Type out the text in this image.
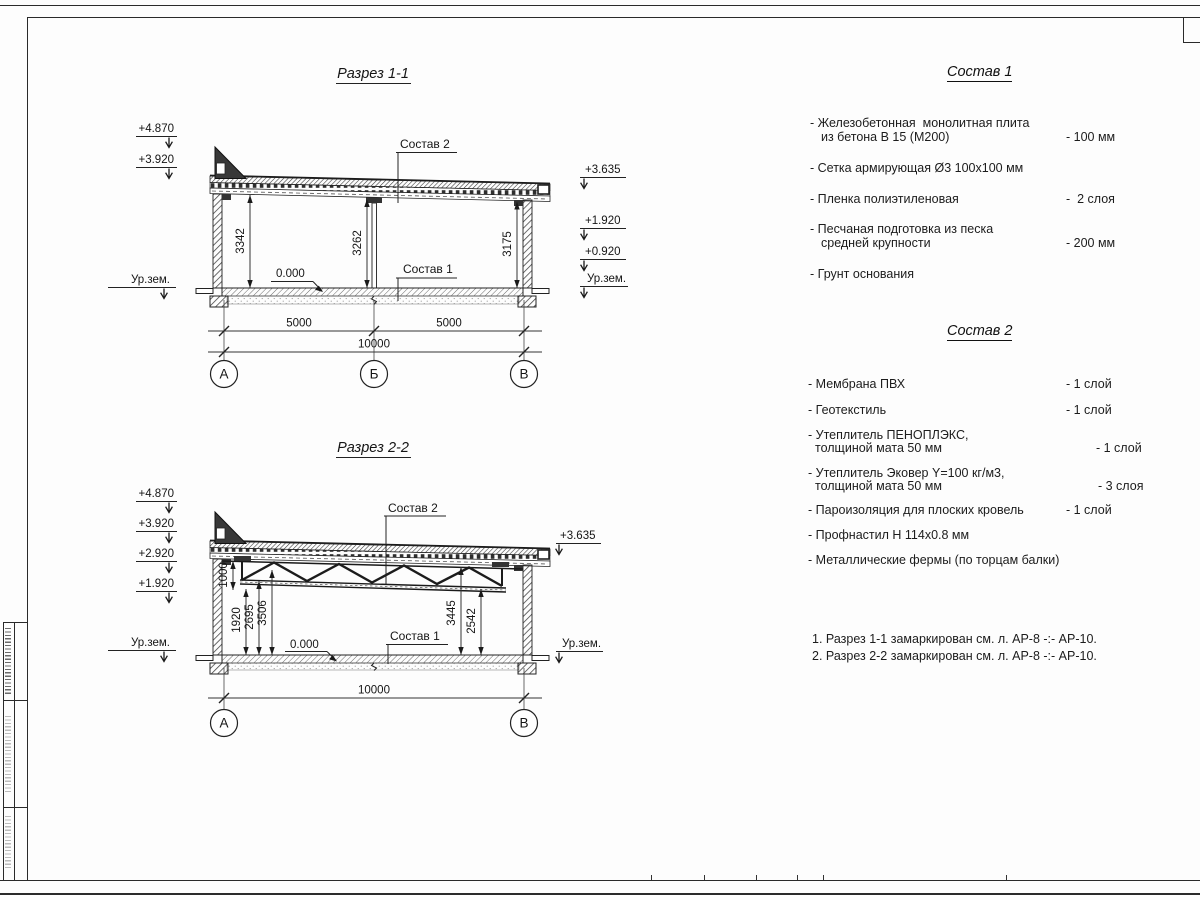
Разрез 1-1
3342	3262	3175
Состав 2
Состав 1
0.000
+4.870
+3.920
Ур.зем.
+3.635
+1.920
+0.920
Ур.зем.
5000	5000
10000
А	Б	В
Разрез 2-2
1000
1920 2695 3506	3445 2542
Состав 2
Состав 1
0.000
+4.870
+3.920
+2.920
+1.920
Ур.зем.
+3.635
Ур.зем.
10000
А	В
Состав 1
- Железобетонная  монолитная плита
из бетона В 15 (М200)	- 100 мм
- Сетка армирующая Ø3 100х100 мм
- Пленка полиэтиленовая	-  2 слоя
- Песчаная подготовка из песка
средней крупности	- 200 мм
- Грунт основания
Состав 2
- Мембрана ПВХ	- 1 слой
- Геотекстиль	- 1 слой
- Утеплитель ПЕНОПЛЭКС,
толщиной мата 50 мм	- 1 слой
- Утеплитель Эковер Y=100 кг/м3,
толщиной мата 50 мм	- 3 слоя
- Пароизоляция для плоских кровель	- 1 слой
- Профнастил Н 114х0.8 мм
- Металлические фермы (по торцам балки)
1. Разрез 1-1 замаркирован см. л. АР-8 -:- АР-10.
2. Разрез 2-2 замаркирован см. л. АР-8 -:- АР-10.
